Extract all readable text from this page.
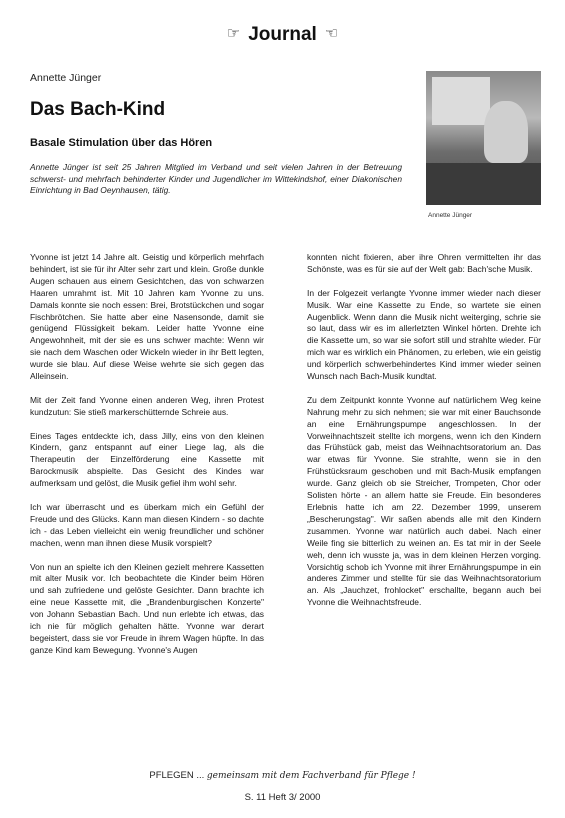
☞ Journal ☜
Annette Jünger
Das Bach-Kind
Basale Stimulation über das Hören

Annette Jünger ist seit 25 Jahren Mitglied im Verband und seit vielen Jahren in der Betreuung schwerst- und mehrfach behinderter Kinder und Jugendlicher im Wittekindshof, einer Diakonischen Einrichtung in Bad Oeynhausen, tätig.

Annette Jünger

Yvonne ist jetzt 14 Jahre alt. Geistig und körperlich mehrfach behindert, ist sie für ihr Alter sehr zart und klein. Große dunkle Augen schauen aus einem Gesichtchen, das von schwarzen Haaren umrahmt ist. Mit 10 Jahren kam Yvonne zu uns. Damals konnte sie noch essen: Brei, Brotstückchen und sogar Fischbrötchen. Sie hatte aber eine Nasensonde, damit sie genügend Flüssigkeit bekam. Leider hatte Yvonne eine Angewohnheit, mit der sie es uns schwer machte: Wenn wir sie nach dem Waschen oder Wickeln wieder in ihr Bett legten, wurde sie blau. Auf diese Weise wehrte sie sich gegen das Alleinsein.

Mit der Zeit fand Yvonne einen anderen Weg, ihren Protest kundzutun: Sie stieß markerschütternde Schreie aus.

Eines Tages entdeckte ich, dass Jilly, eins von den kleinen Kindern, ganz entspannt auf einer Liege lag, als die Therapeutin der Einzelförderung eine Kassette mit Barockmusik abspielte. Das Gesicht des Kindes war aufmerksam und gelöst, die Musik gefiel ihm wohl sehr.

Ich war überrascht und es überkam mich ein Gefühl der Freude und des Glücks. Kann man diesen Kindern - so dachte ich - das Leben vielleicht ein wenig freundlicher und schöner machen, wenn man ihnen diese Musik vorspielt?

Von nun an spielte ich den Kleinen gezielt mehrere Kassetten mit alter Musik vor. Ich beobachtete die Kinder beim Hören und sah zufriedene und gelöste Gesichter. Dann brachte ich eine neue Kassette mit, die „Brandenburgischen Konzerte" von Johann Sebastian Bach. Und nun erlebte ich etwas, das ich nie für möglich gehalten hätte. Yvonne war derart begeistert, dass sie vor Freude in ihrem Wagen hüpfte. In das ganze Kind kam Bewegung. Yvonne's Augen

konnten nicht fixieren, aber ihre Ohren vermittelten ihr das Schönste, was es für sie auf der Welt gab: Bach'sche Musik.

In der Folgezeit verlangte Yvonne immer wieder nach dieser Musik. War eine Kassette zu Ende, so wartete sie einen Augenblick. Wenn dann die Musik nicht weiterging, schrie sie so laut, dass wir es im allerletzten Winkel hörten. Drehte ich die Kassette um, so war sie sofort still und strahlte wieder. Für mich war es wirklich ein Phänomen, zu erleben, wie ein geistig und körperlich schwerbehindertes Kind immer wieder seinen Wunsch nach Bach-Musik kundtat.

Zu dem Zeitpunkt konnte Yvonne auf natürlichem Weg keine Nahrung mehr zu sich nehmen; sie war mit einer Bauchsonde an eine Ernährungspumpe angeschlossen. In der Vorweihnachtszeit stellte ich morgens, wenn ich den Kindern das Frühstück gab, meist das Weihnachtsoratorium an. Das war etwas für Yvonne. Sie strahlte, wenn sie in den Frühstücksraum geschoben und mit Bach-Musik empfangen wurde. Ganz gleich ob sie Streicher, Trompeten, Chor oder Solisten hörte - an allem hatte sie Freude. Ein besonderes Erlebnis hatte ich am 22. Dezember 1999, unserem „Bescherungstag". Wir saßen abends alle mit den Kindern zusammen. Yvonne war natürlich auch dabei. Nach einer Weile fing sie bitterlich zu weinen an. Es tat mir in der Seele weh, denn ich wusste ja, was in dem kleinen Herzen vorging. Vorsichtig schob ich Yvonne mit ihrer Ernährungspumpe in ein anderes Zimmer und stellte für sie das Weihnachtsoratorium an. Als „Jauchzet, frohlocket" erschallte, begann auch bei Yvonne die Weihnachtsfreude.

PFLEGEN ... gemeinsam mit dem Fachverband für Pflege !
S. 11 Heft 3/ 2000
